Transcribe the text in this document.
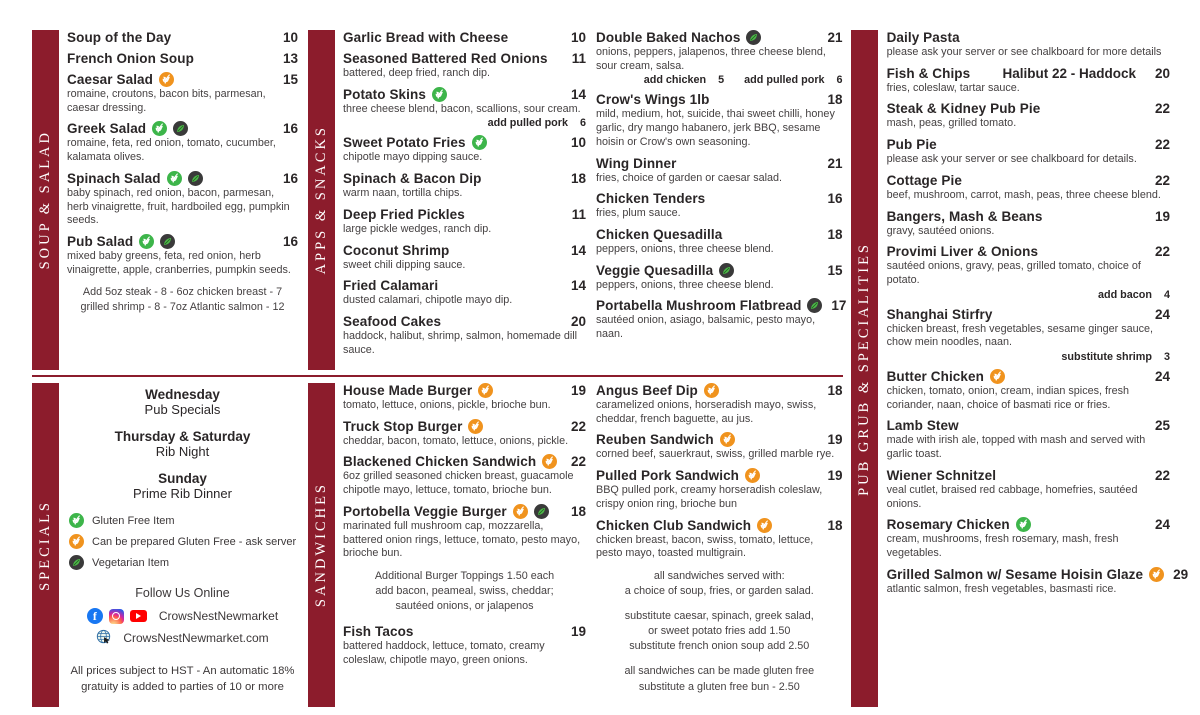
SOUP & SALAD
Soup of the Day	10
French Onion Soup	13
Caesar Salad	15
romaine, croutons, bacon bits, parmesan, caesar dressing.
Greek Salad	16
romaine, feta, red onion, tomato, cucumber, kalamata olives.
Spinach Salad	16
baby spinach, red onion, bacon, parmesan, herb vinaigrette, fruit, hardboiled egg, pumpkin seeds.
Pub Salad	16
mixed baby greens, feta, red onion, herb vinaigrette, apple, cranberries, pumpkin seeds.
Add 5oz steak - 8 - 6oz chicken breast - 7
grilled shrimp - 8 - 7oz Atlantic salmon - 12
APPS & SNACKS
Garlic Bread with Cheese	10
Seasoned Battered Red Onions 11
battered, deep fried, ranch dip.
Potato Skins	14
three cheese blend, bacon, scallions, sour cream.
add pulled pork 6
Sweet Potato Fries	10
chipotle mayo dipping sauce.
Spinach & Bacon Dip	18
warm naan, tortilla chips.
Deep Fried Pickles	11
large pickle wedges, ranch dip.
Coconut Shrimp	14
sweet chili dipping sauce.
Fried Calamari	14
dusted calamari, chipotle mayo dip.
Seafood Cakes	20
haddock, halibut, shrimp, salmon, homemade dill sauce.
Double Baked Nachos	21
onions, peppers, jalapenos, three cheese blend, sour cream, salsa.
add chicken 5 add pulled pork 6
Crow's Wings 1lb	18
mild, medium, hot, suicide, thai sweet chilli, honey garlic, dry mango habanero, jerk BBQ, sesame hoisin or Crow's own seasoning.
Wing Dinner	21
fries, choice of garden or caesar salad.
Chicken Tenders	16
fries, plum sauce.
Chicken Quesadilla	18
peppers, onions, three cheese blend.
Veggie Quesadilla	15
peppers, onions, three cheese blend.
Portabella Mushroom Flatbread 17
sautéed onion, asiago, balsamic, pesto mayo, naan.
SPECIALS
Wednesday
Pub Specials
Thursday & Saturday
Rib Night
Sunday
Prime Rib Dinner
Gluten Free Item
Can be prepared Gluten Free - ask server
Vegetarian Item
Follow Us Online
f
CrowsNestNewmarket
CrowsNestNewmarket.com
All prices subject to HST - An automatic 18%
gratuity is added to parties of 10 or more
SANDWICHES
House Made Burger	19
tomato, lettuce, onions, pickle, brioche bun.
Truck Stop Burger	22
cheddar, bacon, tomato, lettuce, onions, pickle.
Blackened Chicken Sandwich	22
6oz grilled seasoned chicken breast, guacamole chipotle mayo, lettuce, tomato, brioche bun.
Portobella Veggie Burger	18
marinated full mushroom cap, mozzarella, battered onion rings, lettuce, tomato, pesto mayo, brioche bun.
Additional Burger Toppings 1.50 each
add bacon, peameal, swiss, cheddar;
sautéed onions, or jalapenos
Fish Tacos	19
battered haddock, lettuce, tomato, creamy coleslaw, chipotle mayo, green onions.
Angus Beef Dip	18
caramelized onions, horseradish mayo, swiss, cheddar, french baguette, au jus.
Reuben Sandwich	19
corned beef, sauerkraut, swiss, grilled marble rye.
Pulled Pork Sandwich	19
BBQ pulled pork, creamy horseradish coleslaw, crispy onion ring, brioche bun
Chicken Club Sandwich	18
chicken breast, bacon, swiss, tomato, lettuce, pesto mayo, toasted multigrain.
all sandwiches served with:
a choice of soup, fries, or garden salad.
substitute caesar, spinach, greek salad,
or sweet potato fries add 1.50
substitute french onion soup add 2.50
all sandwiches can be made gluten free
substitute a gluten free bun - 2.50
PUB GRUB & SPECIALITIES
Daily Pasta
please ask your server or see chalkboard for more details
Fish & Chips Halibut 22 - Haddock 20
fries, coleslaw, tartar sauce.
Steak & Kidney Pub Pie	22
mash, peas, grilled tomato.
Pub Pie	22
please ask your server or see chalkboard for details.
Cottage Pie	22
beef, mushroom, carrot, mash, peas, three cheese blend.
Bangers, Mash & Beans	19
gravy, sautéed onions.
Provimi Liver & Onions	22
sautéed onions, gravy, peas, grilled tomato, choice of potato.
add bacon 4
Shanghai Stirfry	24
chicken breast, fresh vegetables, sesame ginger sauce, chow mein noodles, naan.
substitute shrimp 3
Butter Chicken	24
chicken, tomato, onion, cream, indian spices, fresh coriander, naan, choice of basmati rice or fries.
Lamb Stew	25
made with irish ale, topped with mash and served with garlic toast.
Wiener Schnitzel	22
veal cutlet, braised red cabbage, homefries, sautéed onions.
Rosemary Chicken	24
cream, mushrooms, fresh rosemary, mash, fresh vegetables.
Grilled Salmon w/ Sesame Hoisin Glaze 29
atlantic salmon, fresh vegetables, basmasti rice.
